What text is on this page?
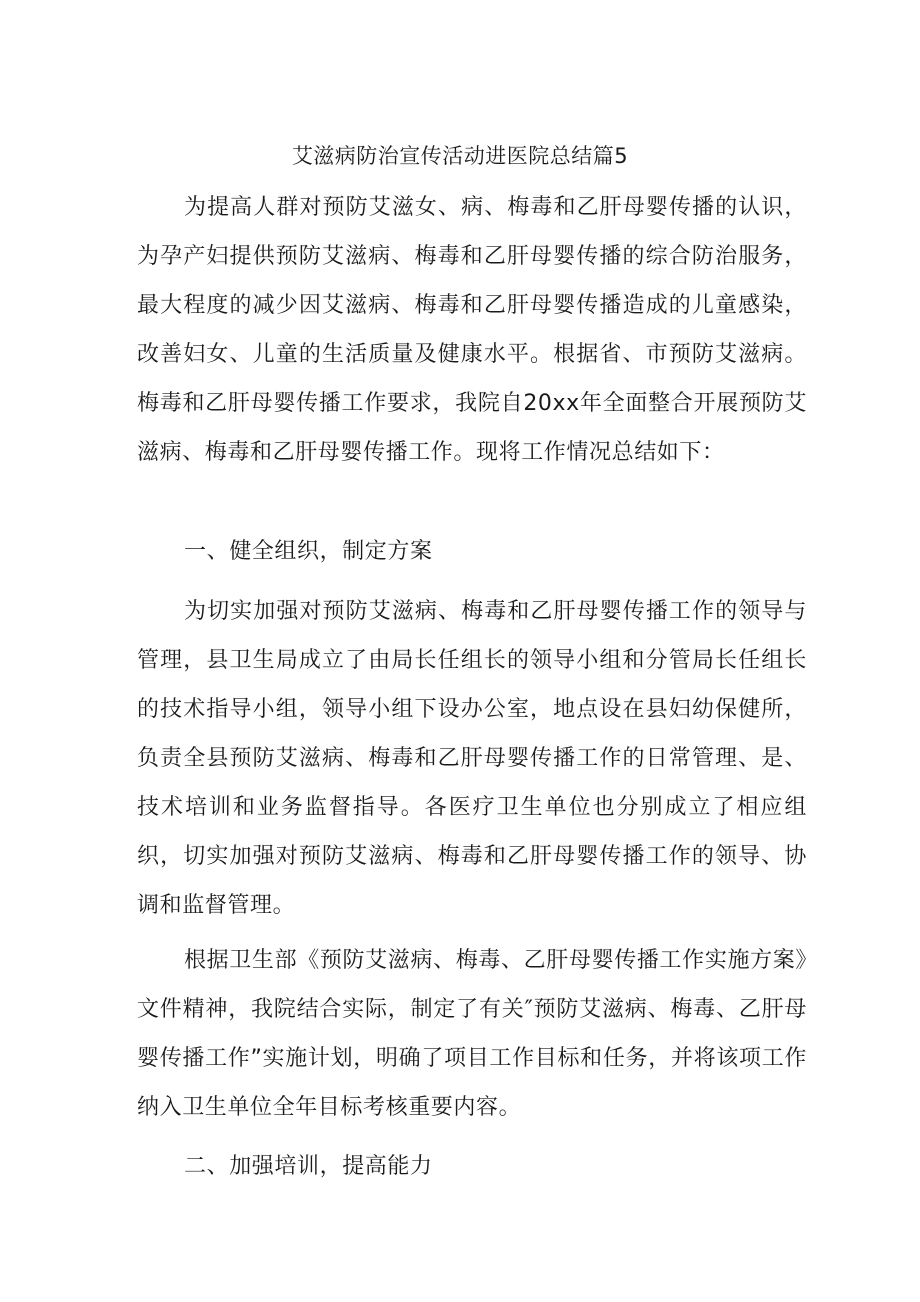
艾滋病防治宣传活动进医院总结篇5

为提高人群对预防艾滋女、病、梅毒和乙肝母婴传播的认识，为孕产妇提供预防艾滋病、梅毒和乙肝母婴传播的综合防治服务，最大程度的减少因艾滋病、梅毒和乙肝母婴传播造成的儿童感染，改善妇女、儿童的生活质量及健康水平。根据省、市预防艾滋病。梅毒和乙肝母婴传播工作要求，我院自20xx年全面整合开展预防艾滋病、梅毒和乙肝母婴传播工作。现将工作情况总结如下：

一、健全组织，制定方案

为切实加强对预防艾滋病、梅毒和乙肝母婴传播工作的领导与管理，县卫生局成立了由局长任组长的领导小组和分管局长任组长的技术指导小组，领导小组下设办公室，地点设在县妇幼保健所，负责全县预防艾滋病、梅毒和乙肝母婴传播工作的日常管理、是、技术培训和业务监督指导。各医疗卫生单位也分别成立了相应组织，切实加强对预防艾滋病、梅毒和乙肝母婴传播工作的领导、协调和监督管理。

根据卫生部《预防艾滋病、梅毒、乙肝母婴传播工作实施方案》文件精神，我院结合实际，制定了有关″预防艾滋病、梅毒、乙肝母婴传播工作”实施计划，明确了项目工作目标和任务，并将该项工作纳入卫生单位全年目标考核重要内容。

二、加强培训，提高能力
